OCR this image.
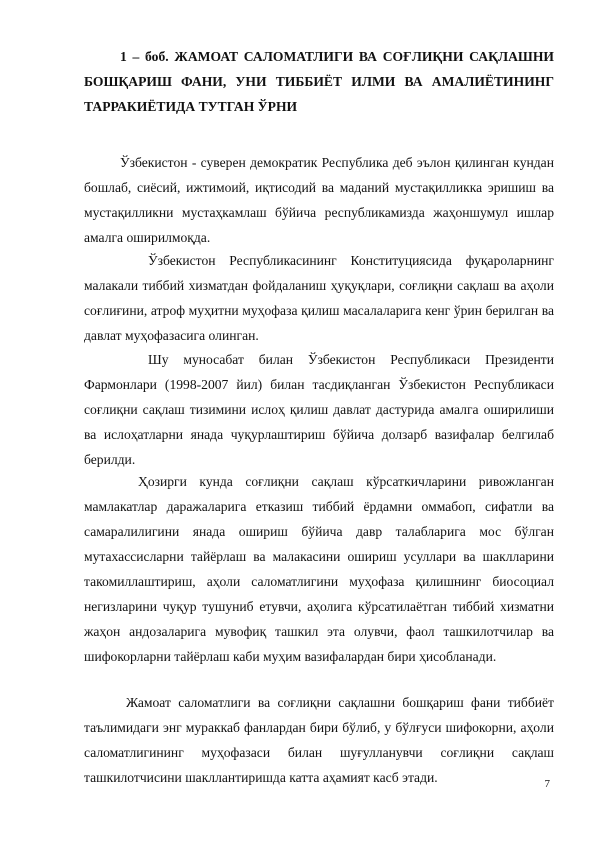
1 – боб. ЖАМОАТ САЛОМАТЛИГИ ВА СОҒЛИҚНИ САҚЛАШНИ БОШҚАРИШ ФАНИ, УНИ ТИББИЁТ ИЛМИ ВА АМАЛИЁТИНИНГ ТАРРАКИЁТИДА ТУТГАН ЎРНИ

Ўзбекистон - суверен демократик Республика деб эълон қилинган кундан бошлаб, сиёсий, ижтимоий, иқтисодий ва маданий мустақилликка эришиш ва мустақилликни мустаҳкамлаш бўйича республикамизда жаҳоншумул ишлар амалга оширилмоқда.

Ўзбекистон Республикасининг Конституциясида фуқароларнинг малакали тиббий хизматдан фойдаланиш ҳуқуқлари, соғлиқни сақлаш ва аҳоли соғлиғини, атроф муҳитни муҳофаза қилиш масалаларига кенг ўрин берилган ва давлат муҳофазасига олинган.

Шу муносабат билан Ўзбекистон Республикаси Президенти Фармонлари (1998-2007 йил) билан тасдиқланган Ўзбекистон Республикаси соғлиқни сақлаш тизимини ислоҳ қилиш давлат дастурида амалга оширилиши ва ислоҳатларни янада чуқурлаштириш бўйича долзарб вазифалар белгилаб берилди.

Ҳозирги кунда соғлиқни сақлаш кўрсаткичларини ривожланган мамлакатлар даражаларига етказиш тиббий ёрдамни оммабоп, сифатли ва самаралилигини янада ошириш бўйича давр талабларига мос бўлган мутахассисларни тайёрлаш ва малакасини ошириш усуллари ва шаклларини такомиллаштириш, аҳоли саломатлигини муҳофаза қилишнинг биосоциал негизларини чуқур тушуниб етувчи, аҳолига кўрсатилаётган тиббий хизматни жаҳон андозаларига мувофиқ ташкил эта олувчи, фаол ташкилотчилар ва шифокорларни тайёрлаш каби муҳим вазифалардан бири ҳисобланади.

Жамоат саломатлиги ва соғлиқни сақлашни бошқариш фани тиббиёт таълимидаги энг мураккаб фанлардан бири бўлиб, у бўлғуси шифокорни, аҳоли саломатлигининг муҳофазаси билан шуғулланувчи соғлиқни сақлаш ташкилотчисини шакллантиришда катта аҳамият касб этади.	7
